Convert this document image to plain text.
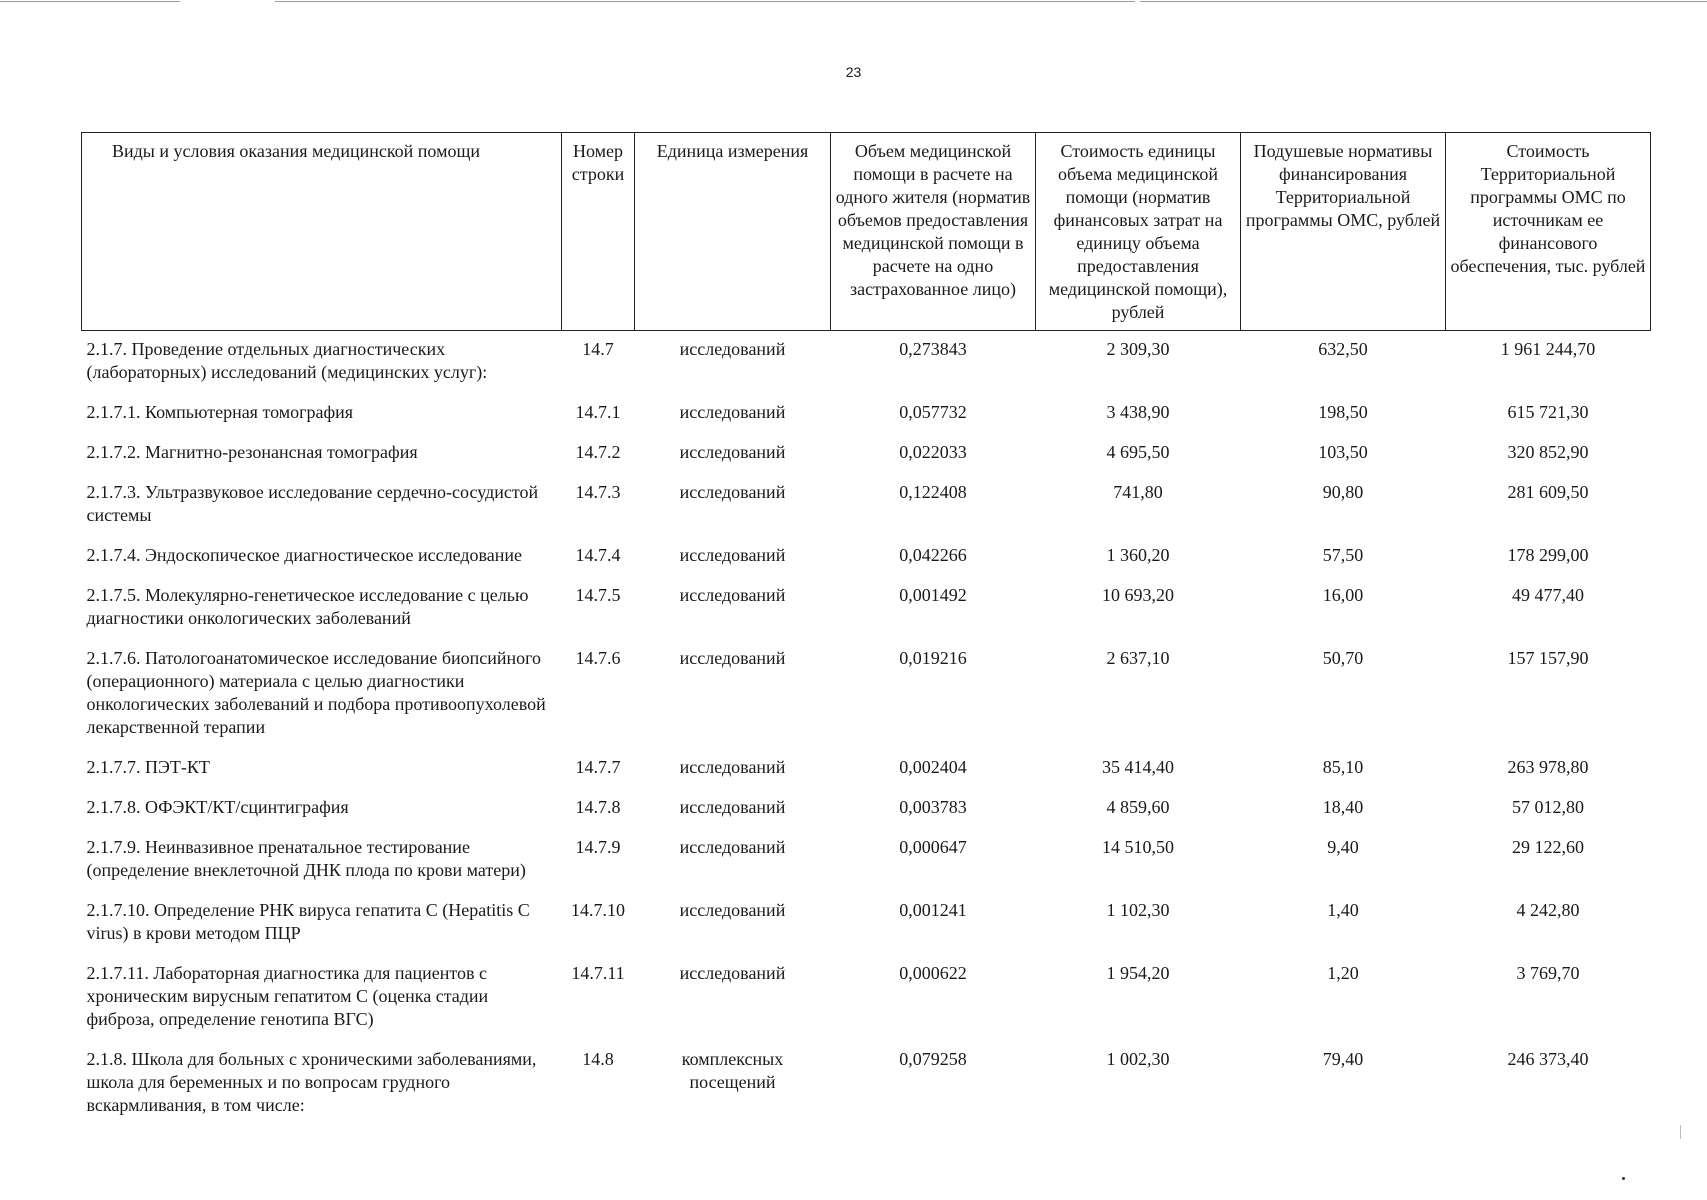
23
Виды и условия оказания медицинской помощи	Номер строки	Единица измерения	Объем медицинской помощи в расчете на одного жителя (норматив объемов предоставления медицинской помощи в расчете на одно застрахованное лицо)	Стоимость единицы объема медицинской помощи (норматив финансовых затрат на единицу объема предоставления медицинской помощи), рублей	Подушевые нормативы финансирования Территориальной программы ОМС, рублей	Стоимость Территориальной программы ОМС по источникам ее финансового обеспечения, тыс. рублей
2.1.7. Проведение отдельных диагностических (лабораторных) исследований (медицинских услуг):	14.7	исследований	0,273843	2 309,30	632,50	1 961 244,70
2.1.7.1. Компьютерная томография	14.7.1	исследований	0,057732	3 438,90	198,50	615 721,30
2.1.7.2. Магнитно-резонансная томография	14.7.2	исследований	0,022033	4 695,50	103,50	320 852,90
2.1.7.3. Ультразвуковое исследование сердечно-сосудистой системы	14.7.3	исследований	0,122408	741,80	90,80	281 609,50
2.1.7.4. Эндоскопическое диагностическое исследование	14.7.4	исследований	0,042266	1 360,20	57,50	178 299,00
2.1.7.5. Молекулярно-генетическое исследование с целью диагностики онкологических заболеваний	14.7.5	исследований	0,001492	10 693,20	16,00	49 477,40
2.1.7.6. Патологоанатомическое исследование биопсийного (операционного) материала с целью диагностики онкологических заболеваний и подбора противоопухолевой лекарственной терапии	14.7.6	исследований	0,019216	2 637,10	50,70	157 157,90
2.1.7.7. ПЭТ-КТ	14.7.7	исследований	0,002404	35 414,40	85,10	263 978,80
2.1.7.8. ОФЭКТ/КТ/сцинтиграфия	14.7.8	исследований	0,003783	4 859,60	18,40	57 012,80
2.1.7.9. Неинвазивное пренатальное тестирование (определение внеклеточной ДНК плода по крови матери)	14.7.9	исследований	0,000647	14 510,50	9,40	29 122,60
2.1.7.10. Определение РНК вируса гепатита С (Hepatitis C virus) в крови методом ПЦР	14.7.10	исследований	0,001241	1 102,30	1,40	4 242,80
2.1.7.11. Лабораторная диагностика для пациентов с хроническим вирусным гепатитом С (оценка стадии фиброза, определение генотипа ВГС)	14.7.11	исследований	0,000622	1 954,20	1,20	3 769,70
2.1.8. Школа для больных с хроническими заболеваниями, школа для беременных и по вопросам грудного вскармливания, в том числе:	14.8	комплексных посещений	0,079258	1 002,30	79,40	246 373,40
